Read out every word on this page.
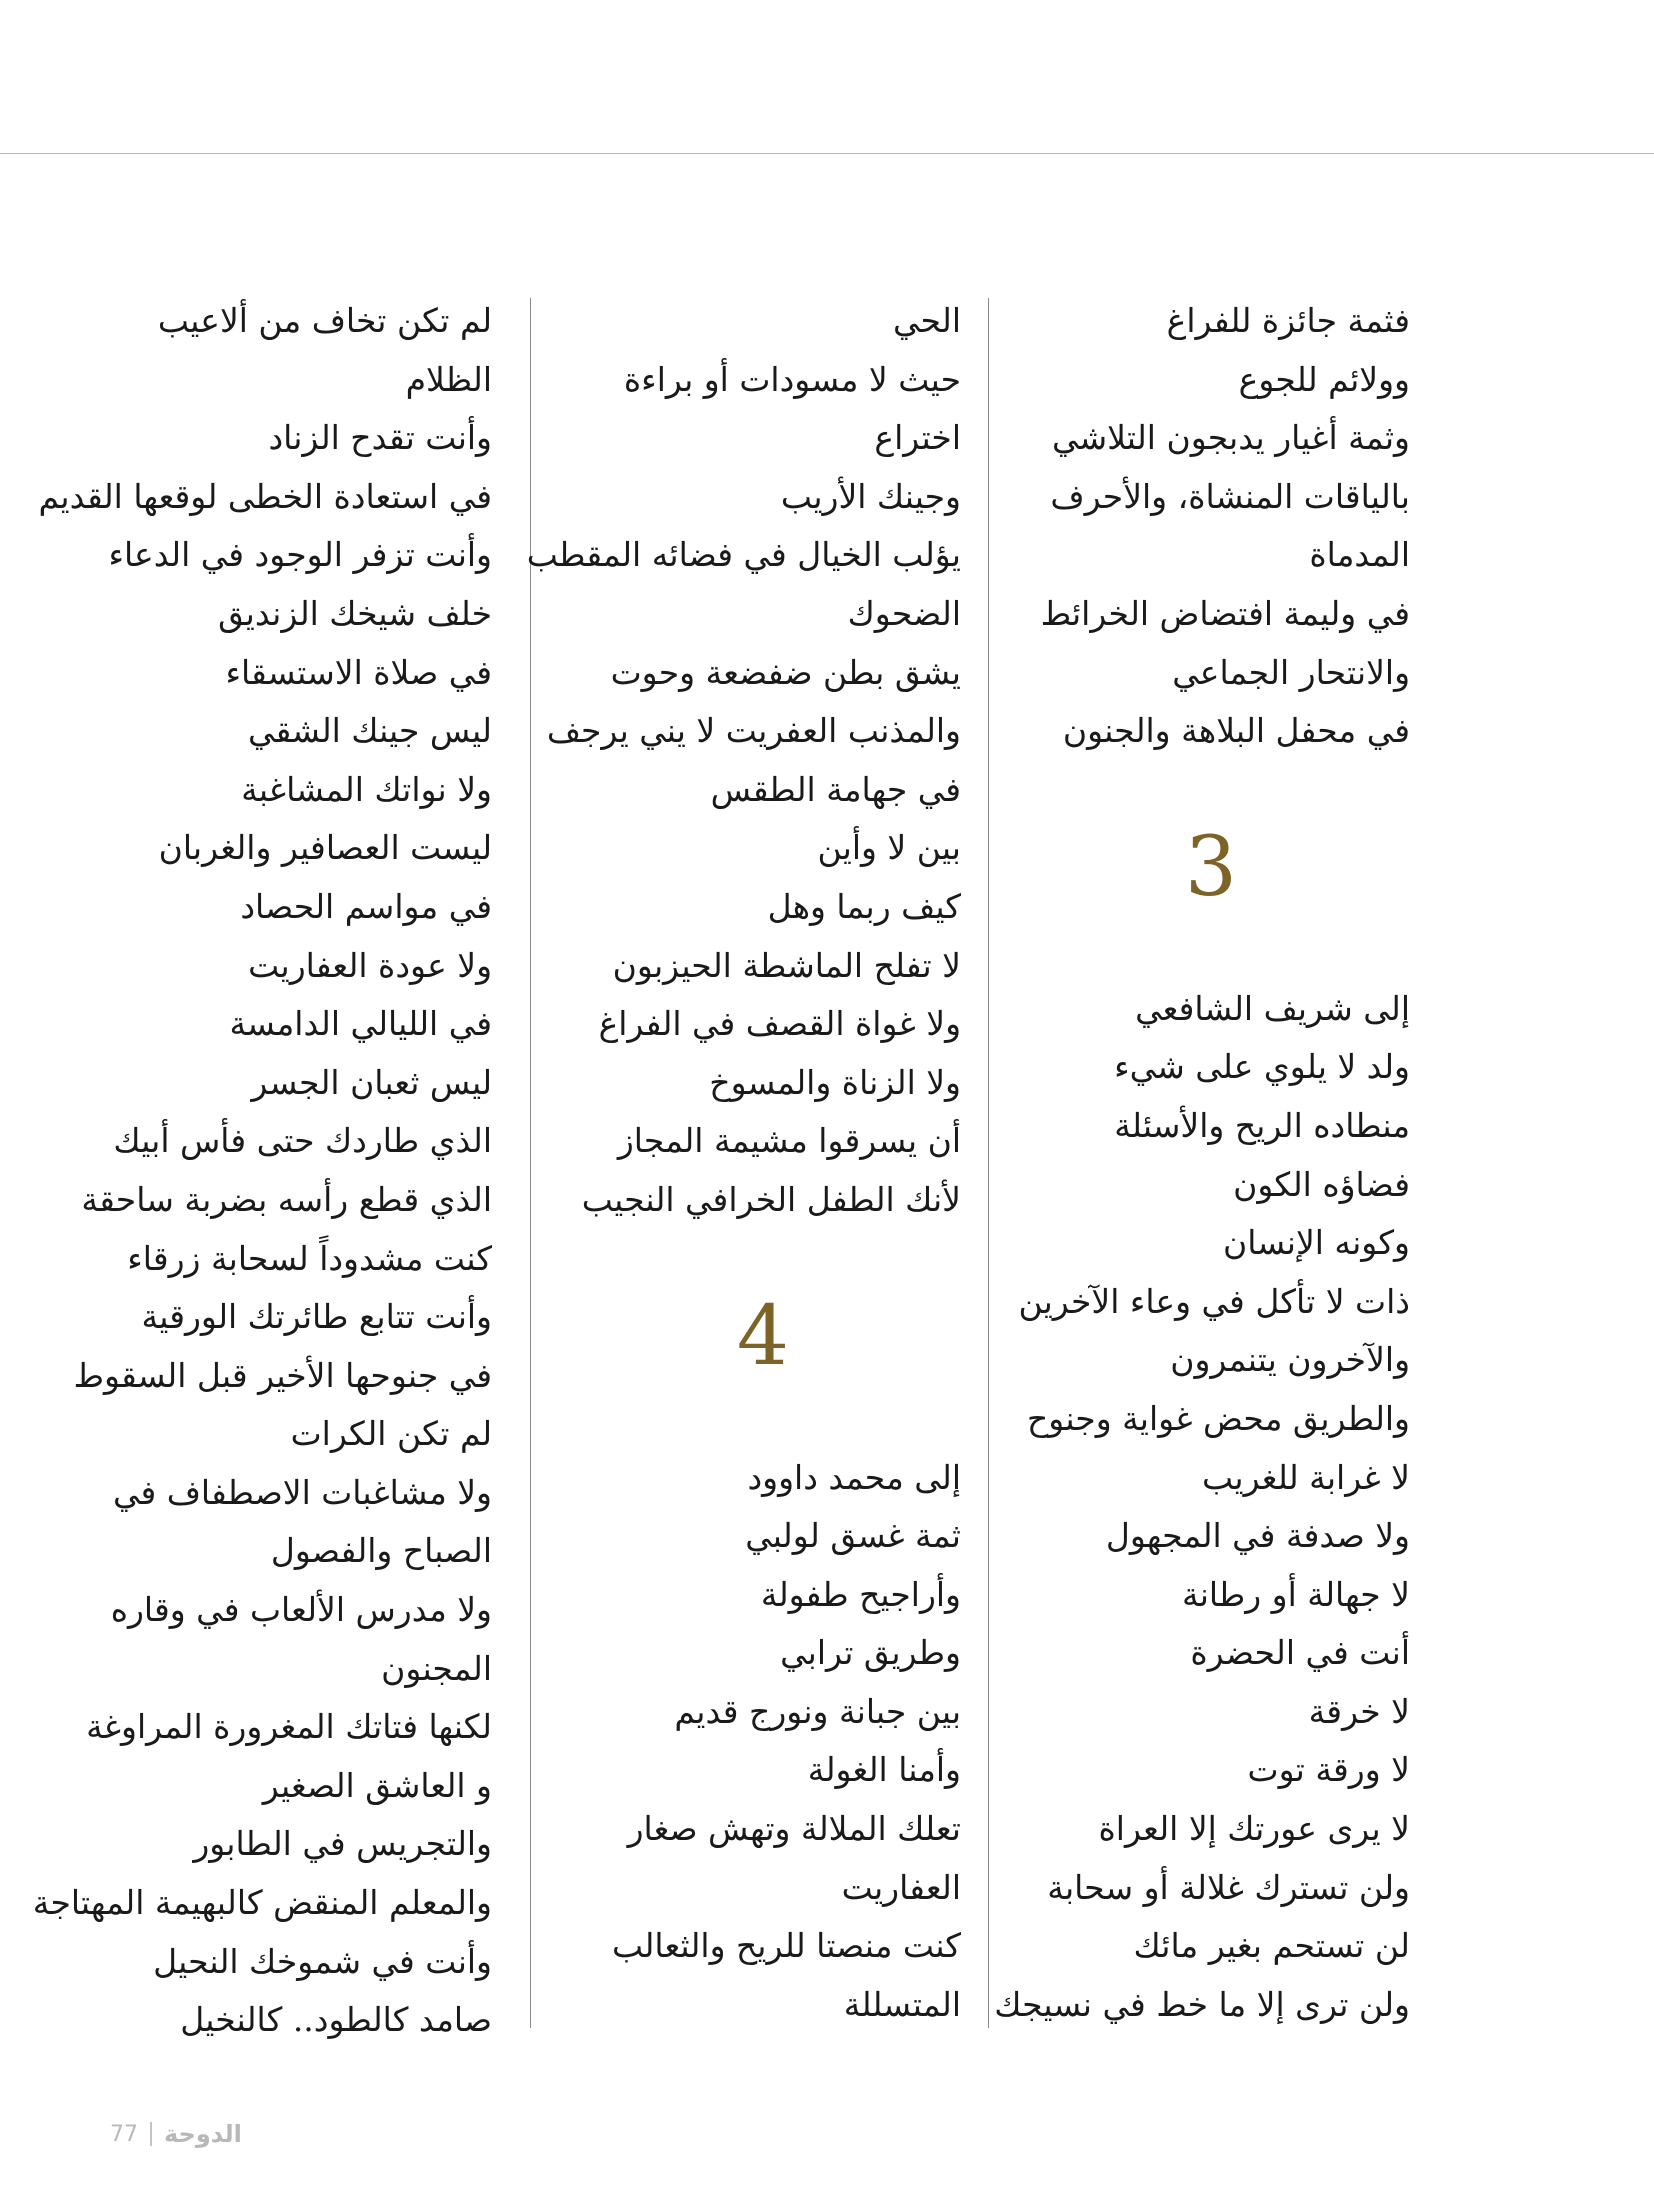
فثمة جائزة للفراغ
وولائم للجوع
وثمة أغيار يدبجون التلاشي
بالياقات المنشاة، والأحرف
المدماة
في وليمة افتضاض الخرائط
والانتحار الجماعي
في محفل البلاهة والجنون
3
إلى شريف الشافعي
ولد لا يلوي على شيء
منطاده الريح والأسئلة
فضاؤه الكون
وكونه الإنسان
ذات لا تأكل في وعاء الآخرين
والآخرون يتنمرون
والطريق محض غواية وجنوح
لا غرابة للغريب
ولا صدفة في المجهول
لا جهالة أو رطانة
أنت في الحضرة
لا خرقة
لا ورقة توت
لا يرى عورتك إلا العراة
ولن تسترك غلالة أو سحابة
لن تستحم بغير مائك
ولن ترى إلا ما خط في نسيجك
الحي
حيث لا مسودات أو براءة
اختراع
وجينك الأريب
يؤلب الخيال في فضائه المقطب
الضحوك
يشق بطن ضفضعة وحوت
والمذنب العفريت لا يني يرجف
في جهامة الطقس
بين لا وأين
كيف ربما وهل
لا تفلح الماشطة الحيزبون
ولا غواة القصف في الفراغ
ولا الزناة والمسوخ
أن يسرقوا مشيمة المجاز
لأنك الطفل الخرافي النجيب
4
إلى محمد داوود
ثمة غسق لولبي
وأراجيح طفولة
وطريق ترابي
بين جبانة ونورج قديم
وأمنا الغولة
تعلك الملالة وتهش صغار
العفاريت
كنت منصتا للريح والثعالب
المتسللة
لم تكن تخاف من ألاعيب
الظلام
وأنت تقدح الزناد
في استعادة الخطى لوقعها القديم
وأنت تزفر الوجود في الدعاء
خلف شيخك الزنديق
في صلاة الاستسقاء
ليس جينك الشقي
ولا نواتك المشاغبة
ليست العصافير والغربان
في مواسم الحصاد
ولا عودة العفاريت
في الليالي الدامسة
ليس ثعبان الجسر
الذي طاردك حتى فأس أبيك
الذي قطع رأسه بضربة ساحقة
كنت مشدوداً لسحابة زرقاء
وأنت تتابع طائرتك الورقية
في جنوحها الأخير قبل السقوط
لم تكن الكرات
ولا مشاغبات الاصطفاف في
الصباح والفصول
ولا مدرس الألعاب في وقاره
المجنون
لكنها فتاتك المغرورة المراوغة
و العاشق الصغير
والتجريس في الطابور
والمعلم المنقض كالبهيمة المهتاجة
وأنت في شموخك النحيل
صامد كالطود.. كالنخيل
77 الدوحة
